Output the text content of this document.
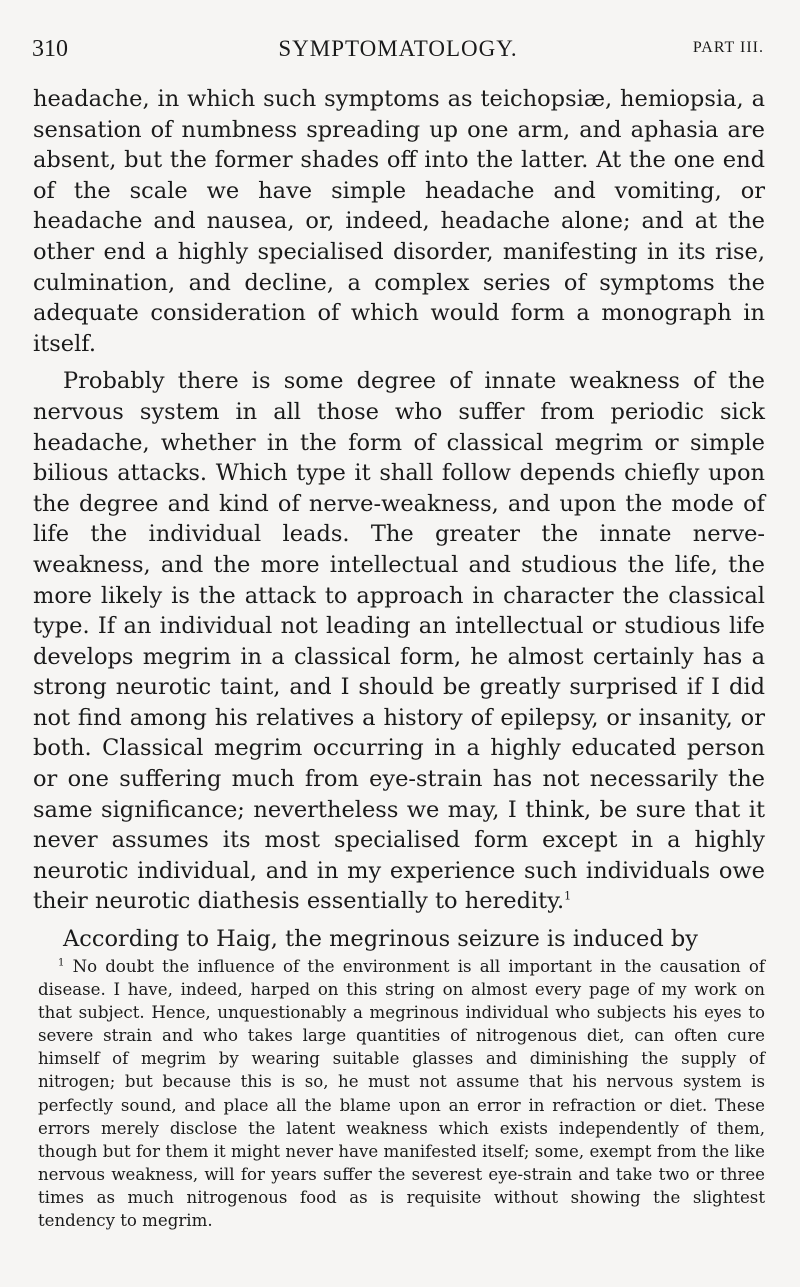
310	SYMPTOMATOLOGY.	PART III.

headache, in which such symptoms as teichopsiæ, hemiopsia, a sensation of numbness spreading up one arm, and aphasia are absent, but the former shades off into the latter. At the one end of the scale we have simple headache and vomiting, or headache and nausea, or, indeed, headache alone; and at the other end a highly specialised disorder, manifesting in its rise, culmination, and decline, a complex series of symptoms the adequate consideration of which would form a monograph in itself.

Probably there is some degree of innate weakness of the nervous system in all those who suffer from periodic sick headache, whether in the form of classical megrim or simple bilious attacks. Which type it shall follow depends chiefly upon the degree and kind of nerve-weakness, and upon the mode of life the individual leads. The greater the innate nerve-weakness, and the more intellectual and studious the life, the more likely is the attack to approach in character the classical type. If an individual not leading an intellectual or studious life develops megrim in a classical form, he almost certainly has a strong neurotic taint, and I should be greatly surprised if I did not find among his relatives a history of epilepsy, or insanity, or both. Classical megrim occurring in a highly educated person or one suffering much from eye-strain has not necessarily the same significance; nevertheless we may, I think, be sure that it never assumes its most specialised form except in a highly neurotic individual, and in my experience such individuals owe their neurotic diathesis essentially to heredity.$^1$

According to Haig, the megrinous seizure is induced by

$^1$ No doubt the influence of the environment is all important in the causation of disease. I have, indeed, harped on this string on almost every page of my work on that subject. Hence, unquestionably a megrinous individual who subjects his eyes to severe strain and who takes large quantities of nitrogenous diet, can often cure himself of megrim by wearing suitable glasses and diminishing the supply of nitrogen; but because this is so, he must not assume that his nervous system is perfectly sound, and place all the blame upon an error in refraction or diet. These errors merely disclose the latent weakness which exists independently of them, though but for them it might never have manifested itself; some, exempt from the like nervous weakness, will for years suffer the severest eye-strain and take two or three times as much nitrogenous food as is requisite without showing the slightest tendency to megrim.
